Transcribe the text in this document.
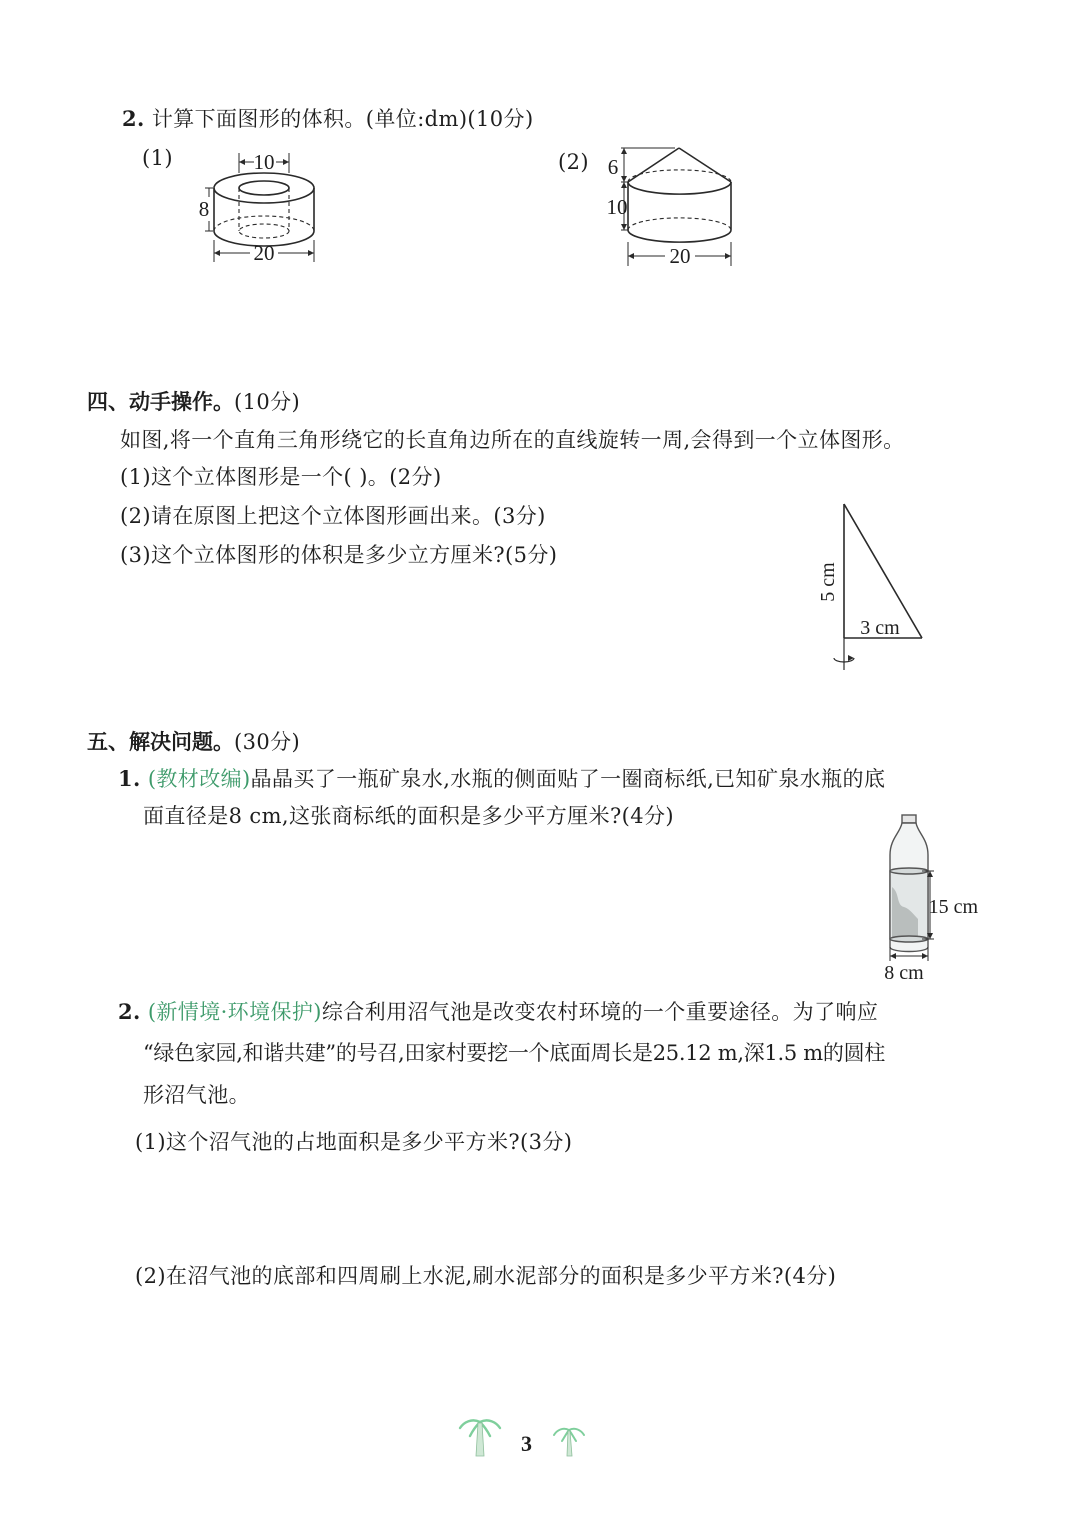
2. 计算下面图形的体积。(单位:dm)(10分)
(1)	(2)
10
8
20
6
10
20
四、动手操作。(10分)
如图,将一个直角三角形绕它的长直角边所在的直线旋转一周,会得到一个立体图形。
(1)这个立体图形是一个( )。(2分)
(2)请在原图上把这个立体图形画出来。(3分)
(3)这个立体图形的体积是多少立方厘米?(5分)
5 cm
3 cm
五、解决问题。(30分)
1. (教材改编)晶晶买了一瓶矿泉水,水瓶的侧面贴了一圈商标纸,已知矿泉水瓶的底
面直径是8 cm,这张商标纸的面积是多少平方厘米?(4分)
15 cm
8 cm
2. (新情境·环境保护)综合利用沼气池是改变农村环境的一个重要途径。为了响应
“绿色家园,和谐共建”的号召,田家村要挖一个底面周长是25.12 m,深1.5 m的圆柱
形沼气池。
(1)这个沼气池的占地面积是多少平方米?(3分)
(2)在沼气池的底部和四周刷上水泥,刷水泥部分的面积是多少平方米?(4分)
3
